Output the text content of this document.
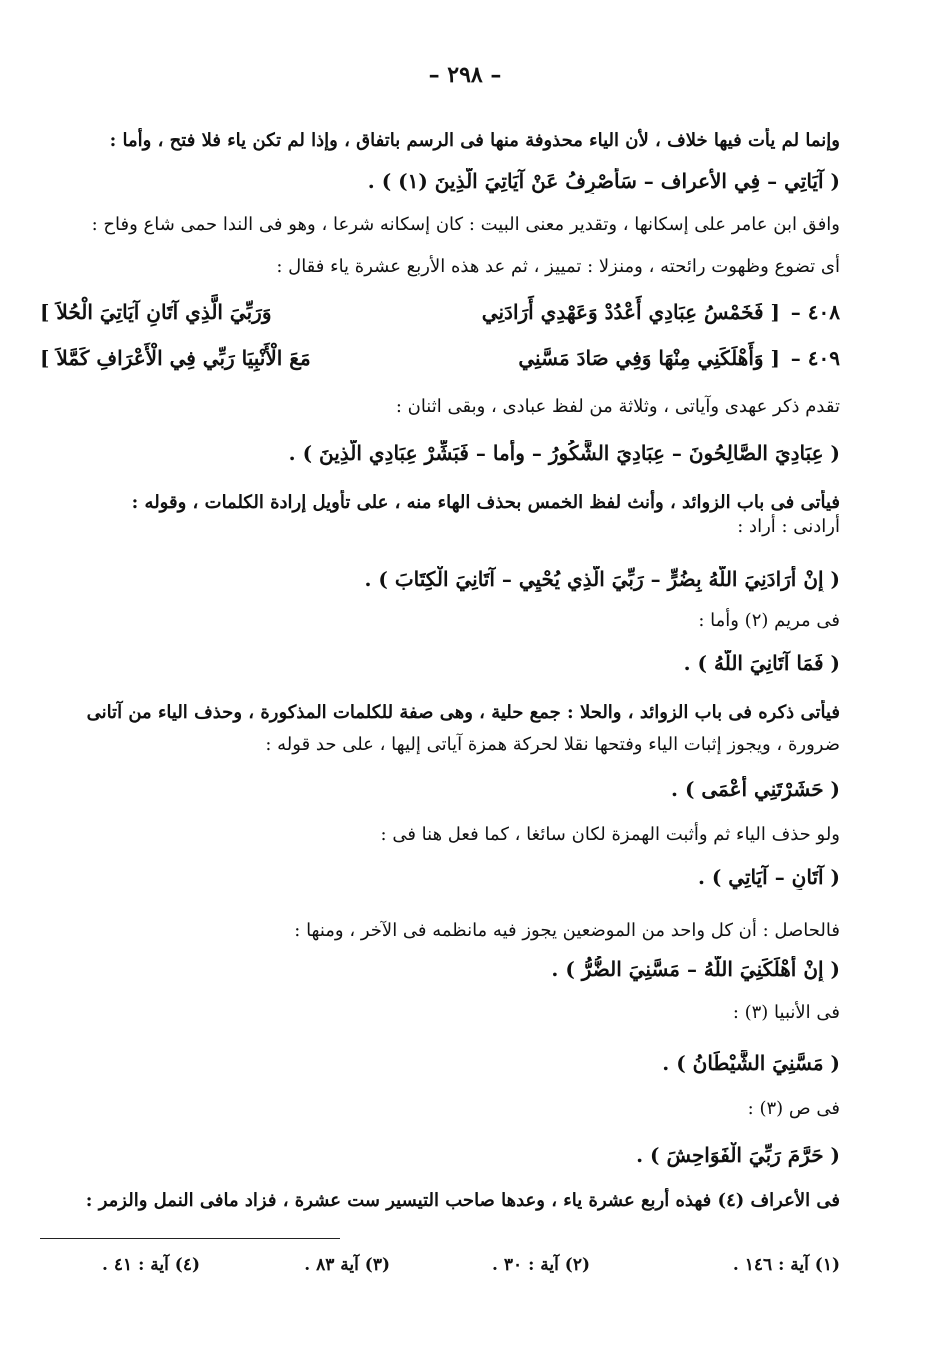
– ٢٩٨ –
وإنما لم يأت فيها خلاف ، لأن الياء محذوفة منها فى الرسم باتفاق ، وإذا لم تكن ياء فلا فتح ، وأما :
( آيَاتِي – فِي الأعراف – سَأَصْرِفُ عَنْ آيَاتِيَ الَّذِينَ (١) ) .
وافق ابن عامر على إسكانها ، وتقدير معنى البيت : كان إسكانه شرعا ، وهو فى الندا حمى شاع وفاح :
أى تضوع وظهوت رائحته ، ومنزلا : تمييز ، ثم عد هذه الأربع عشرة ياء فقال :
٤٠٨ –
[ فَخَمْسُ عِبَادِي أَعْدُدْ وَعَهْدِي أَرَادَنِي
وَرَبِّيَ الَّذِي آتَانِ آيَاتِيَ الْحُلاَ ]
٤٠٩ –
[ وَأَهْلَكَنِي مِنْهَا وَفِي صَادَ مَسَّنِي
مَعَ الْأَنْبِيَا رَبِّي فِي الْأَعْرَافِ كَمَّلاَ ]
تقدم ذكر عهدى وآياتى ، وثلاثة من لفظ عبادى ، وبقى اثنان :
( عِبَادِيَ الصَّالِحُونَ – عِبَادِيَ الشَّكُورُ – وأما – فَبَشِّرْ عِبَادِي الَّذِينَ ) .
فيأتى فى باب الزوائد ، وأنث لفظ الخمس بحذف الهاء منه ، على تأويل إرادة الكلمات ، وقوله :
أرادنى : أراد :
( إِنْ أَرَادَنِيَ اللَّهُ بِضُرٍّ – رَبِّيَ الَّذِي يُحْيِي – آتَانِيَ الْكِتَابَ ) .
فى مريم (٢) وأما :
( فَمَا آتَانِيَ اللَّهُ ) .
فيأتى ذكره فى باب الزوائد ، والحلا : جمع حلية ، وهى صفة للكلمات المذكورة ، وحذف الياء من آتانى
ضرورة ، ويجوز إثبات الياء وفتحها نقلا لحركة همزة آياتى إليها ، على حد قوله :
( حَشَرْتَنِي أَعْمَى ) .
ولو حذف الياء ثم وأثبت الهمزة لكان سائغا ، كما فعل هنا فى :
( آتَانِ – آيَاتِي ) .
فالحاصل : أن كل واحد من الموضعين يجوز فيه مانظمه فى الآخر ، ومنها :
( إِنْ أَهْلَكَنِيَ اللَّهُ – مَسَّنِيَ الضُّرُّ ) .
فى الأنبيا (٣) :
( مَسَّنِيَ الشَّيْطَانُ ) .
فى ص (٣) :
( حَرَّمَ رَبِّيَ الْفَوَاحِشَ ) .
فى الأعراف (٤) فهذه أربع عشرة ياء ، وعدها صاحب التيسير ست عشرة ، فزاد مافى النمل والزمر :
(١) آية : ١٤٦ .
(٢) آية : ٣٠ .
(٣) آية ٨٣ .
(٤) آية : ٤١ .
